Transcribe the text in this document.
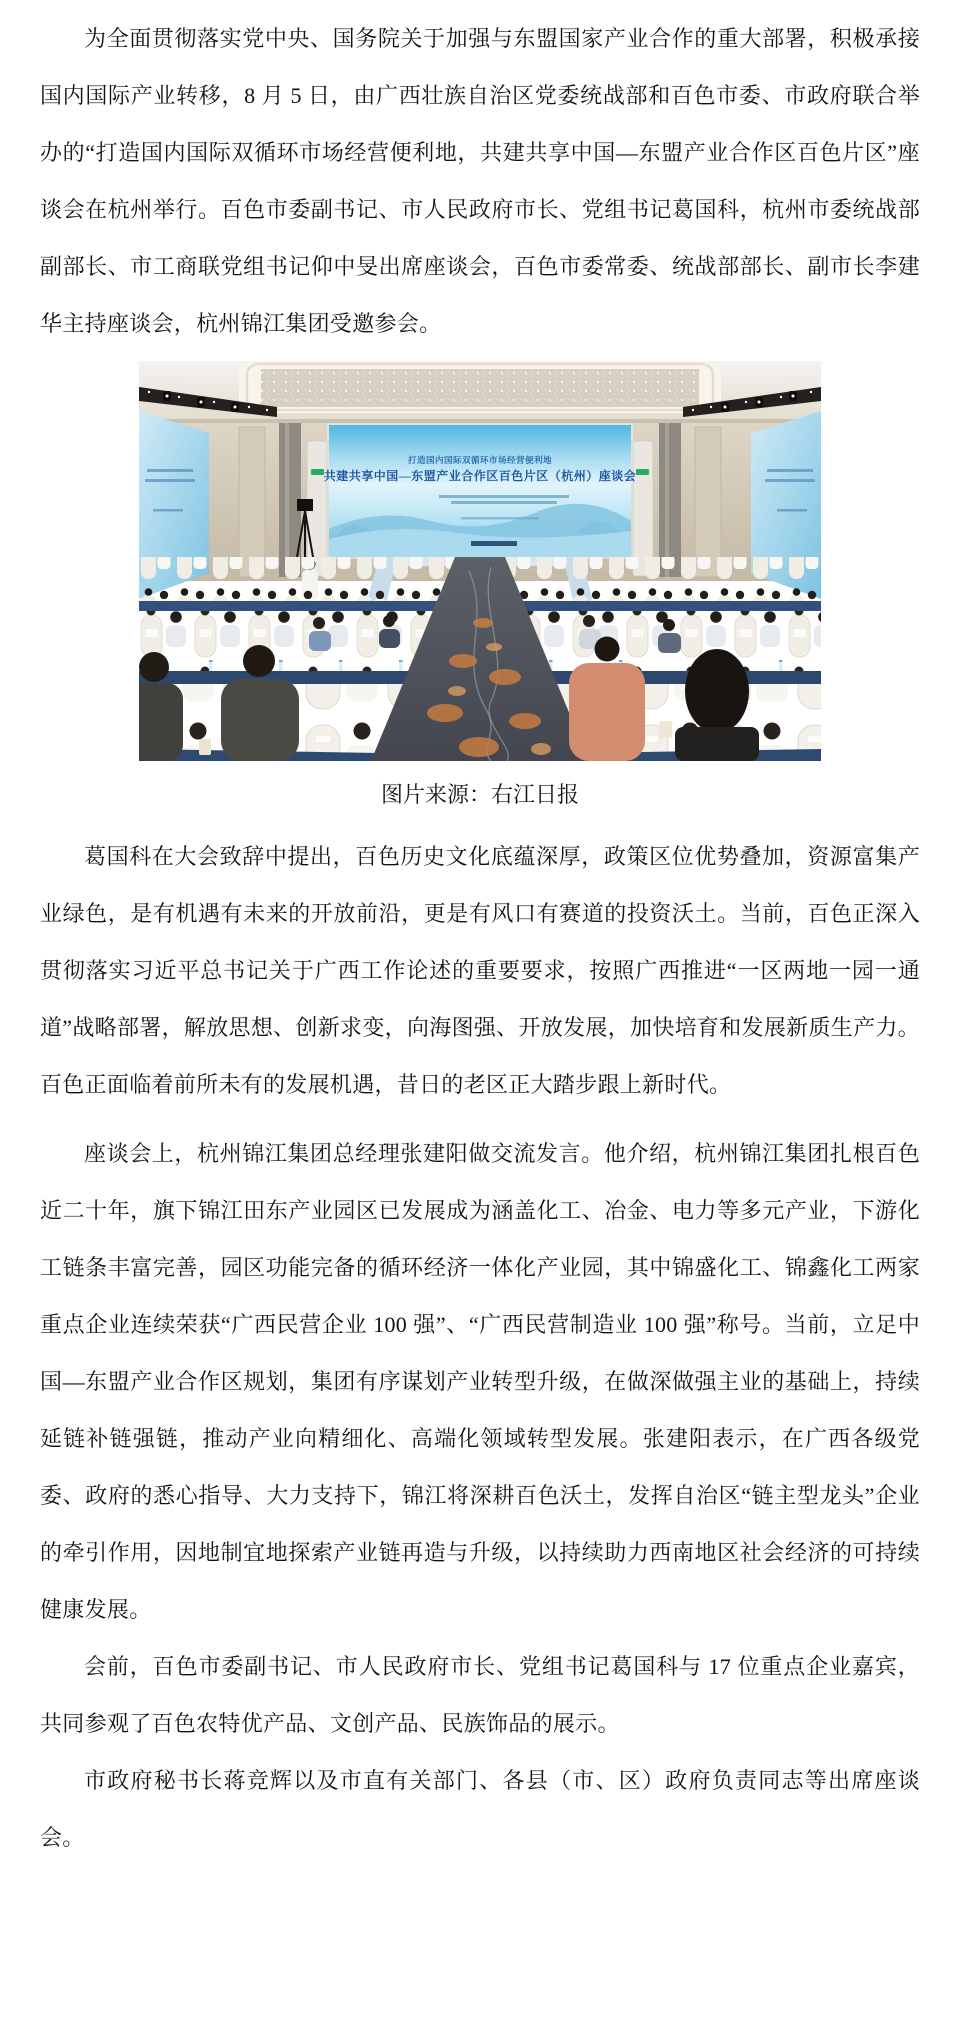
为全面贯彻落实党中央、国务院关于加强与东盟国家产业合作的重大部署，积极承接国内国际产业转移，8 月 5 日，由广西壮族自治区党委统战部和百色市委、市政府联合举办的“打造国内国际双循环市场经营便利地，共建共享中国—东盟产业合作区百色片区”座谈会在杭州举行。百色市委副书记、市人民政府市长、党组书记葛国科，杭州市委统战部副部长、市工商联党组书记仰中旻出席座谈会，百色市委常委、统战部部长、副市长李建华主持座谈会，杭州锦江集团受邀参会。

打造国内国际双循环市场经营便利地
共建共享中国—东盟产业合作区百色片区（杭州）座谈会
图片来源：右江日报

葛国科在大会致辞中提出，百色历史文化底蕴深厚，政策区位优势叠加，资源富集产业绿色，是有机遇有未来的开放前沿，更是有风口有赛道的投资沃土。当前，百色正深入贯彻落实习近平总书记关于广西工作论述的重要要求，按照广西推进“一区两地一园一通道”战略部署，解放思想、创新求变，向海图强、开放发展，加快培育和发展新质生产力。百色正面临着前所未有的发展机遇，昔日的老区正大踏步跟上新时代。

座谈会上，杭州锦江集团总经理张建阳做交流发言。他介绍，杭州锦江集团扎根百色近二十年，旗下锦江田东产业园区已发展成为涵盖化工、冶金、电力等多元产业，下游化工链条丰富完善，园区功能完备的循环经济一体化产业园，其中锦盛化工、锦鑫化工两家重点企业连续荣获“广西民营企业 100 强”、“广西民营制造业 100 强”称号。当前，立足中国—东盟产业合作区规划，集团有序谋划产业转型升级，在做深做强主业的基础上，持续延链补链强链，推动产业向精细化、高端化领域转型发展。张建阳表示，在广西各级党委、政府的悉心指导、大力支持下，锦江将深耕百色沃土，发挥自治区“链主型龙头”企业的牵引作用，因地制宜地探索产业链再造与升级，以持续助力西南地区社会经济的可持续健康发展。

会前，百色市委副书记、市人民政府市长、党组书记葛国科与 17 位重点企业嘉宾，共同参观了百色农特优产品、文创产品、民族饰品的展示。

市政府秘书长蒋竞辉以及市直有关部门、各县（市、区）政府负责同志等出席座谈会。
